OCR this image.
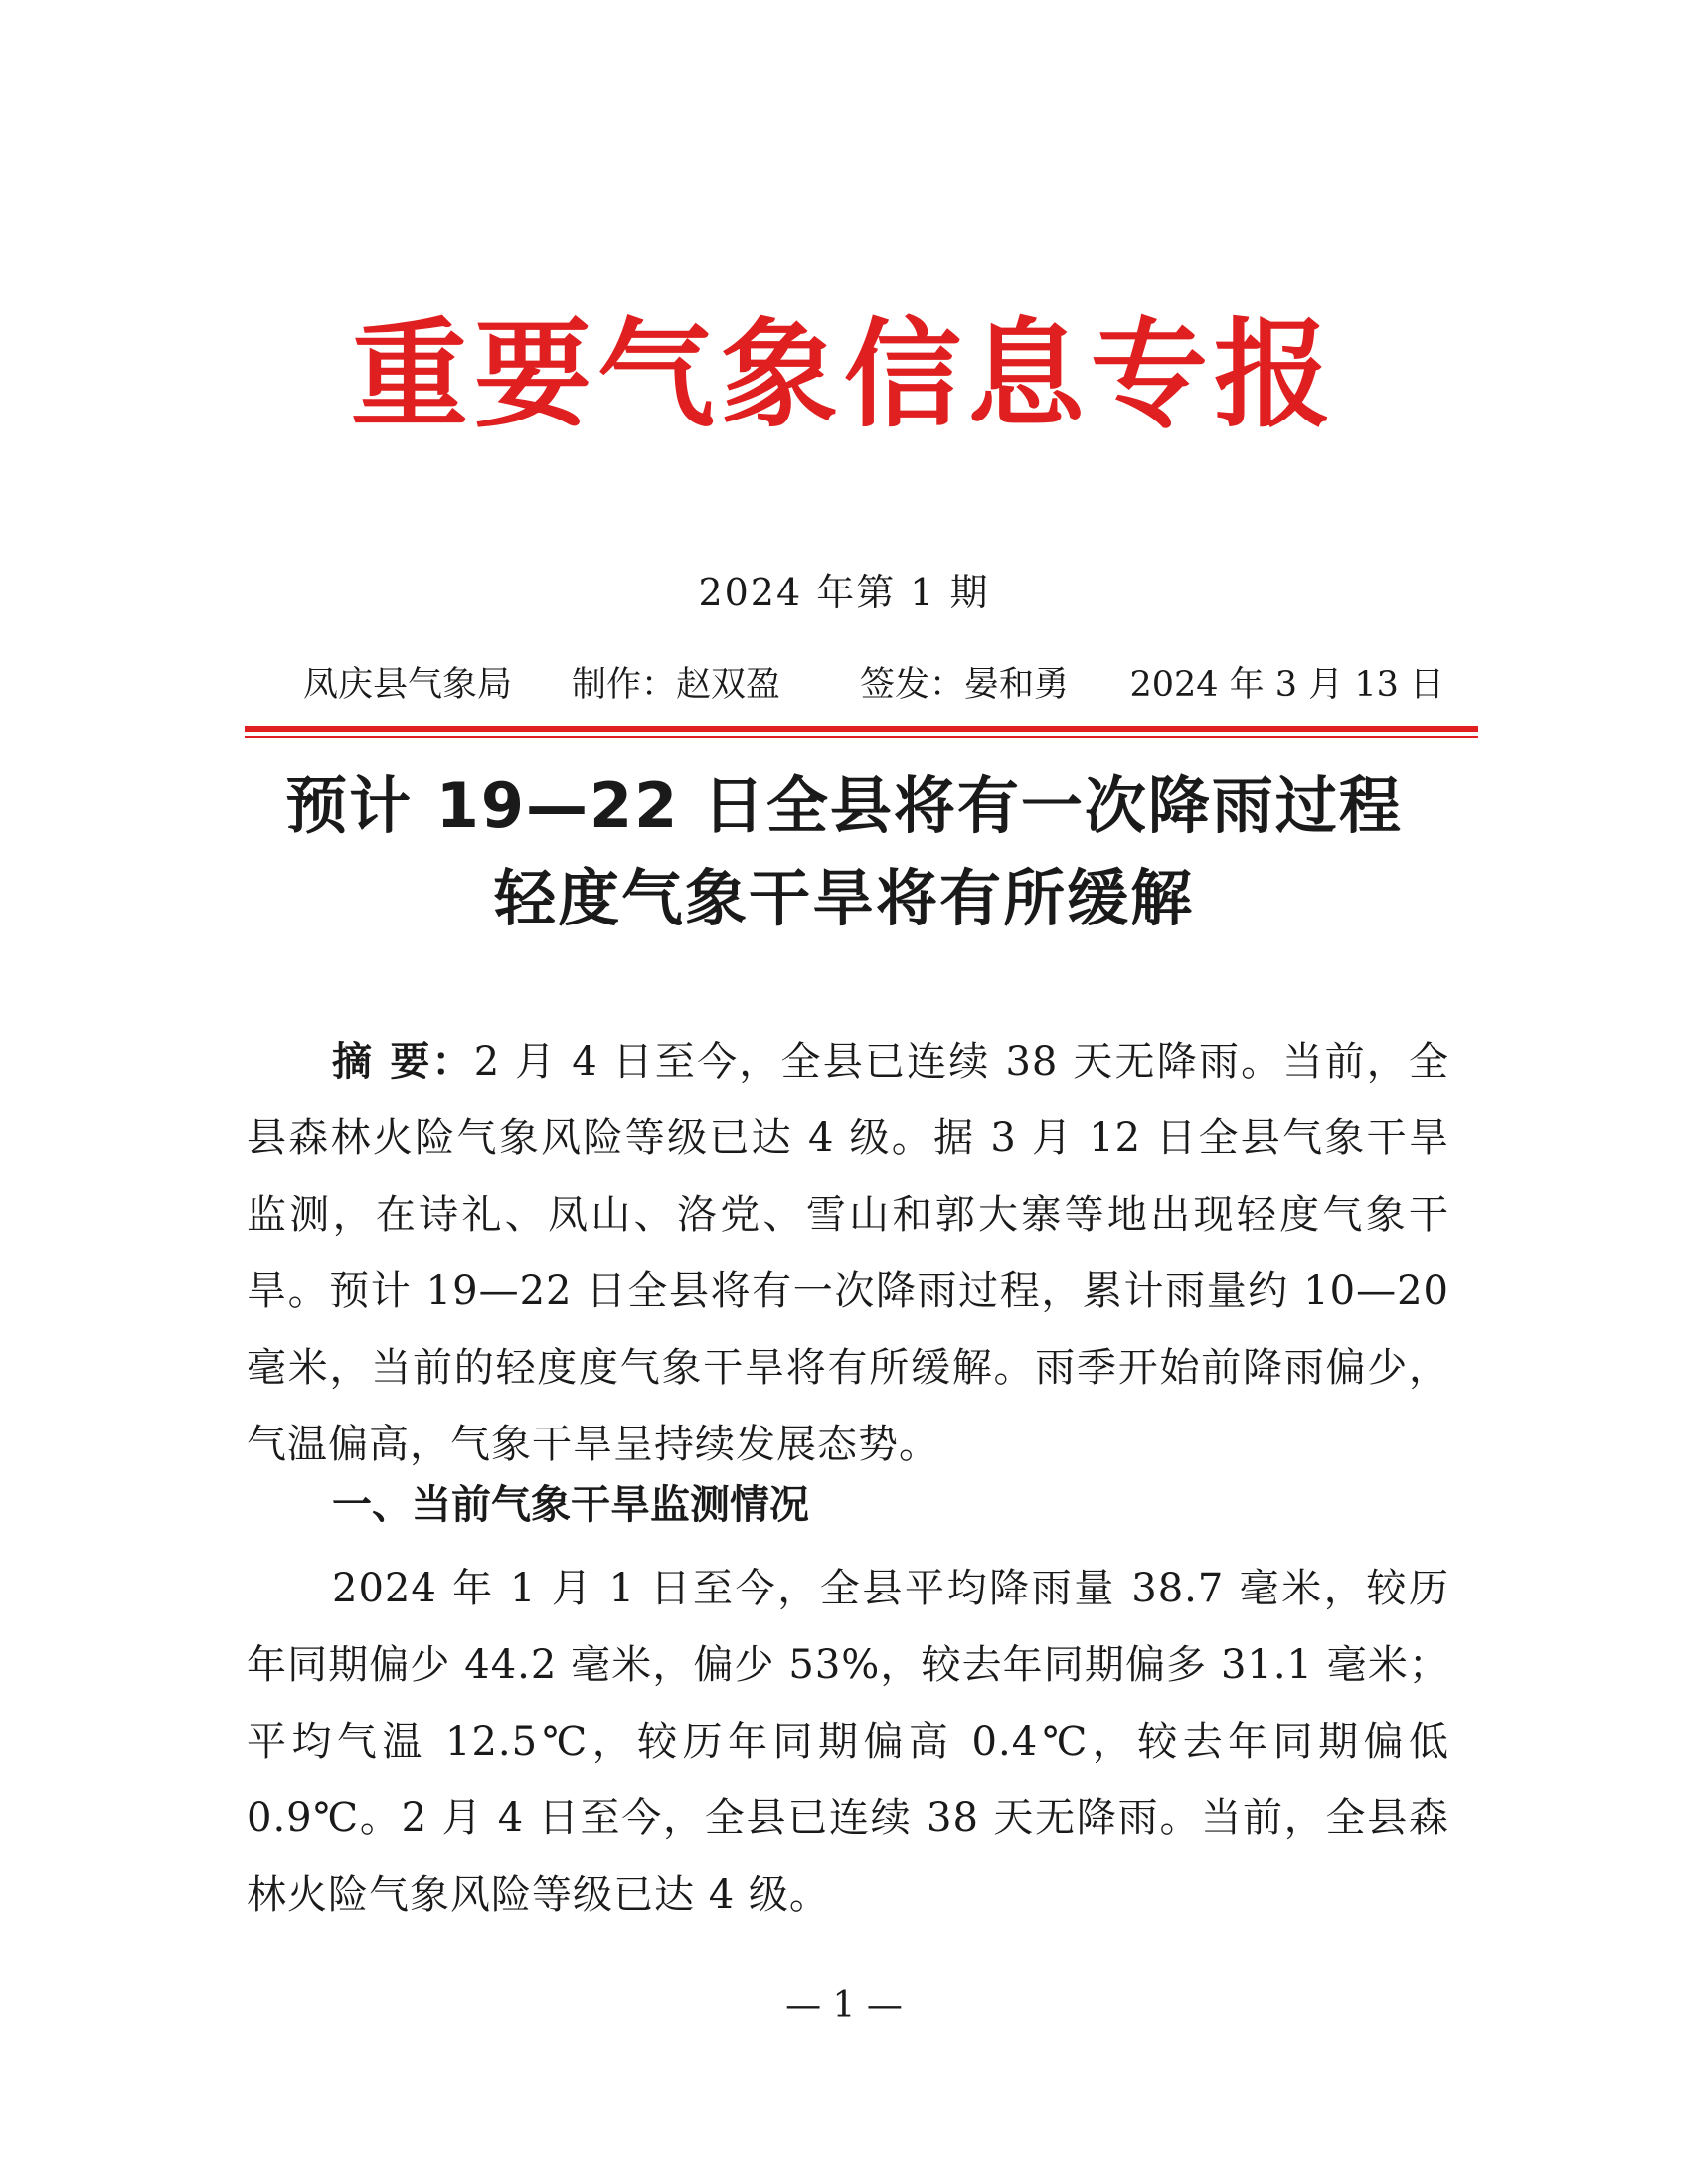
重要气象信息专报
2024 年第 1 期
凤庆县气象局 制作：赵双盈 签发：晏和勇 2024 年 3 月 13 日
预计 19—22 日全县将有一次降雨过程
轻度气象干旱将有所缓解

摘 要：2 月 4 日至今，全县已连续 38 天无降雨。当前，全县森林火险气象风险等级已达 4 级。据 3 月 12 日全县气象干旱监测，在诗礼、凤山、洛党、雪山和郭大寨等地出现轻度气象干旱。预计 19—22 日全县将有一次降雨过程，累计雨量约 10—20 毫米，当前的轻度度气象干旱将有所缓解。雨季开始前降雨偏少，气温偏高，气象干旱呈持续发展态势。

一、当前气象干旱监测情况

2024 年 1 月 1 日至今，全县平均降雨量 38.7 毫米，较历年同期偏少 44.2 毫米，偏少 53%，较去年同期偏多 31.1 毫米；平均气温 12.5℃，较历年同期偏高 0.4℃，较去年同期偏低 0.9℃。2 月 4 日至今，全县已连续 38 天无降雨。当前，全县森林火险气象风险等级已达 4 级。

— 1 —
